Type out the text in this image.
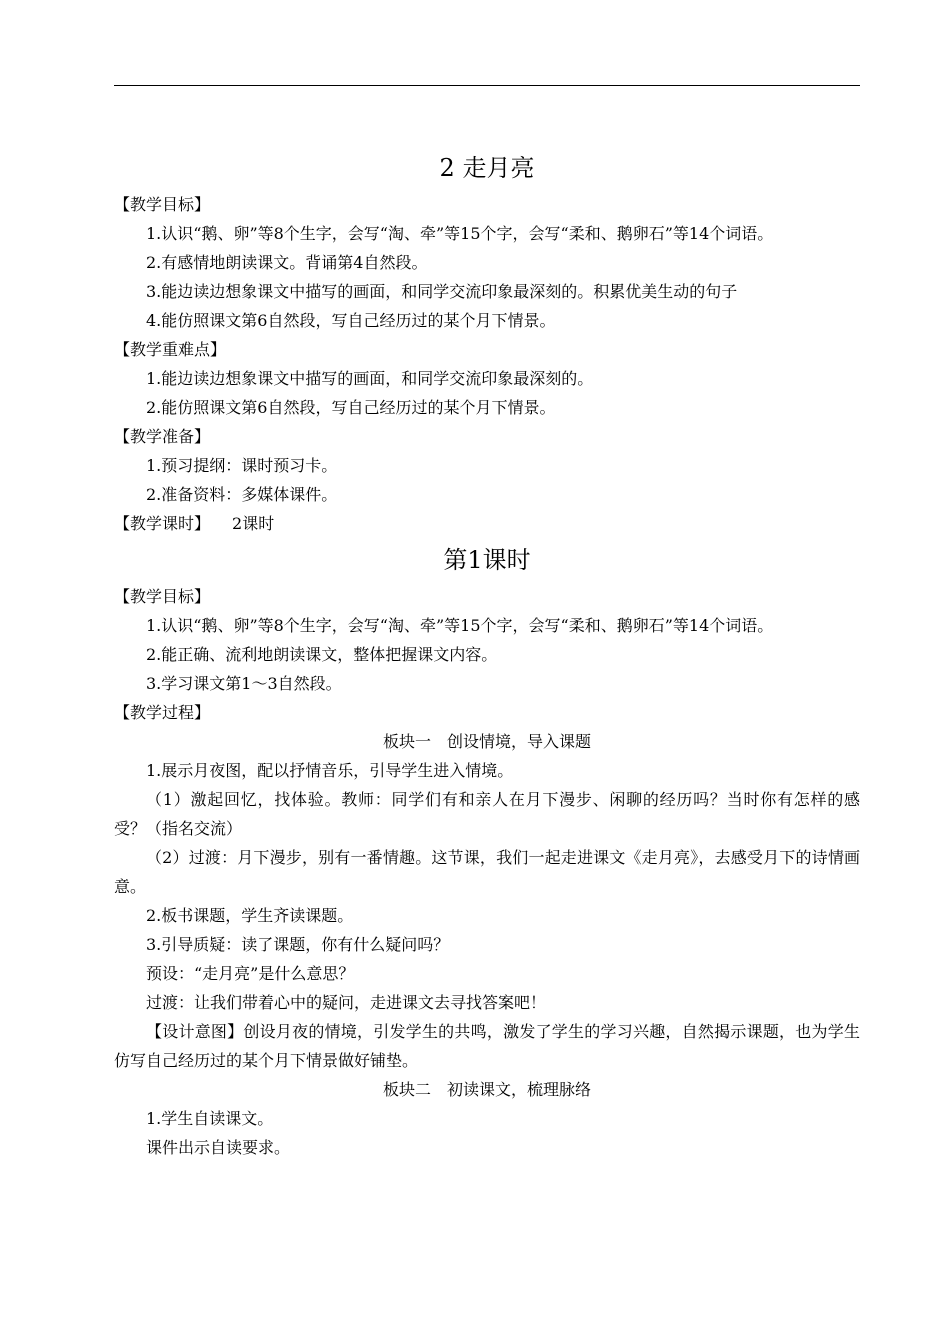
2 走月亮
【教学目标】

1.认识“鹅、卵”等8个生字，会写“淘、牵”等15个字，会写“柔和、鹅卵石”等14个词语。

2.有感情地朗读课文。背诵第4自然段。

3.能边读边想象课文中描写的画面，和同学交流印象最深刻的。积累优美生动的句子

4.能仿照课文第6自然段，写自己经历过的某个月下情景。

【教学重难点】

1.能边读边想象课文中描写的画面，和同学交流印象最深刻的。

2.能仿照课文第6自然段，写自己经历过的某个月下情景。

【教学准备】

1.预习提纲：课时预习卡。

2.准备资料：多媒体课件。

【教学课时】 2课时
第1课时
【教学目标】

1.认识“鹅、卵”等8个生字，会写“淘、牵”等15个字，会写“柔和、鹅卵石”等14个词语。

2.能正确、流利地朗读课文，整体把握课文内容。

3.学习课文第1～3自然段。

【教学过程】
板块一　创设情境，导入课题

1.展示月夜图，配以抒情音乐，引导学生进入情境。

（1）激起回忆，找体验。教师：同学们有和亲人在月下漫步、闲聊的经历吗？当时你有怎样的感受？（指名交流）

（2）过渡：月下漫步，别有一番情趣。这节课，我们一起走进课文《走月亮》，去感受月下的诗情画意。

2.板书课题，学生齐读课题。

3.引导质疑：读了课题，你有什么疑问吗？

预设：“走月亮”是什么意思？

过渡：让我们带着心中的疑问，走进课文去寻找答案吧！

【设计意图】创设月夜的情境，引发学生的共鸣，激发了学生的学习兴趣，自然揭示课题，也为学生仿写自己经历过的某个月下情景做好铺垫。

板块二　初读课文，梳理脉络

1.学生自读课文。

课件出示自读要求。
